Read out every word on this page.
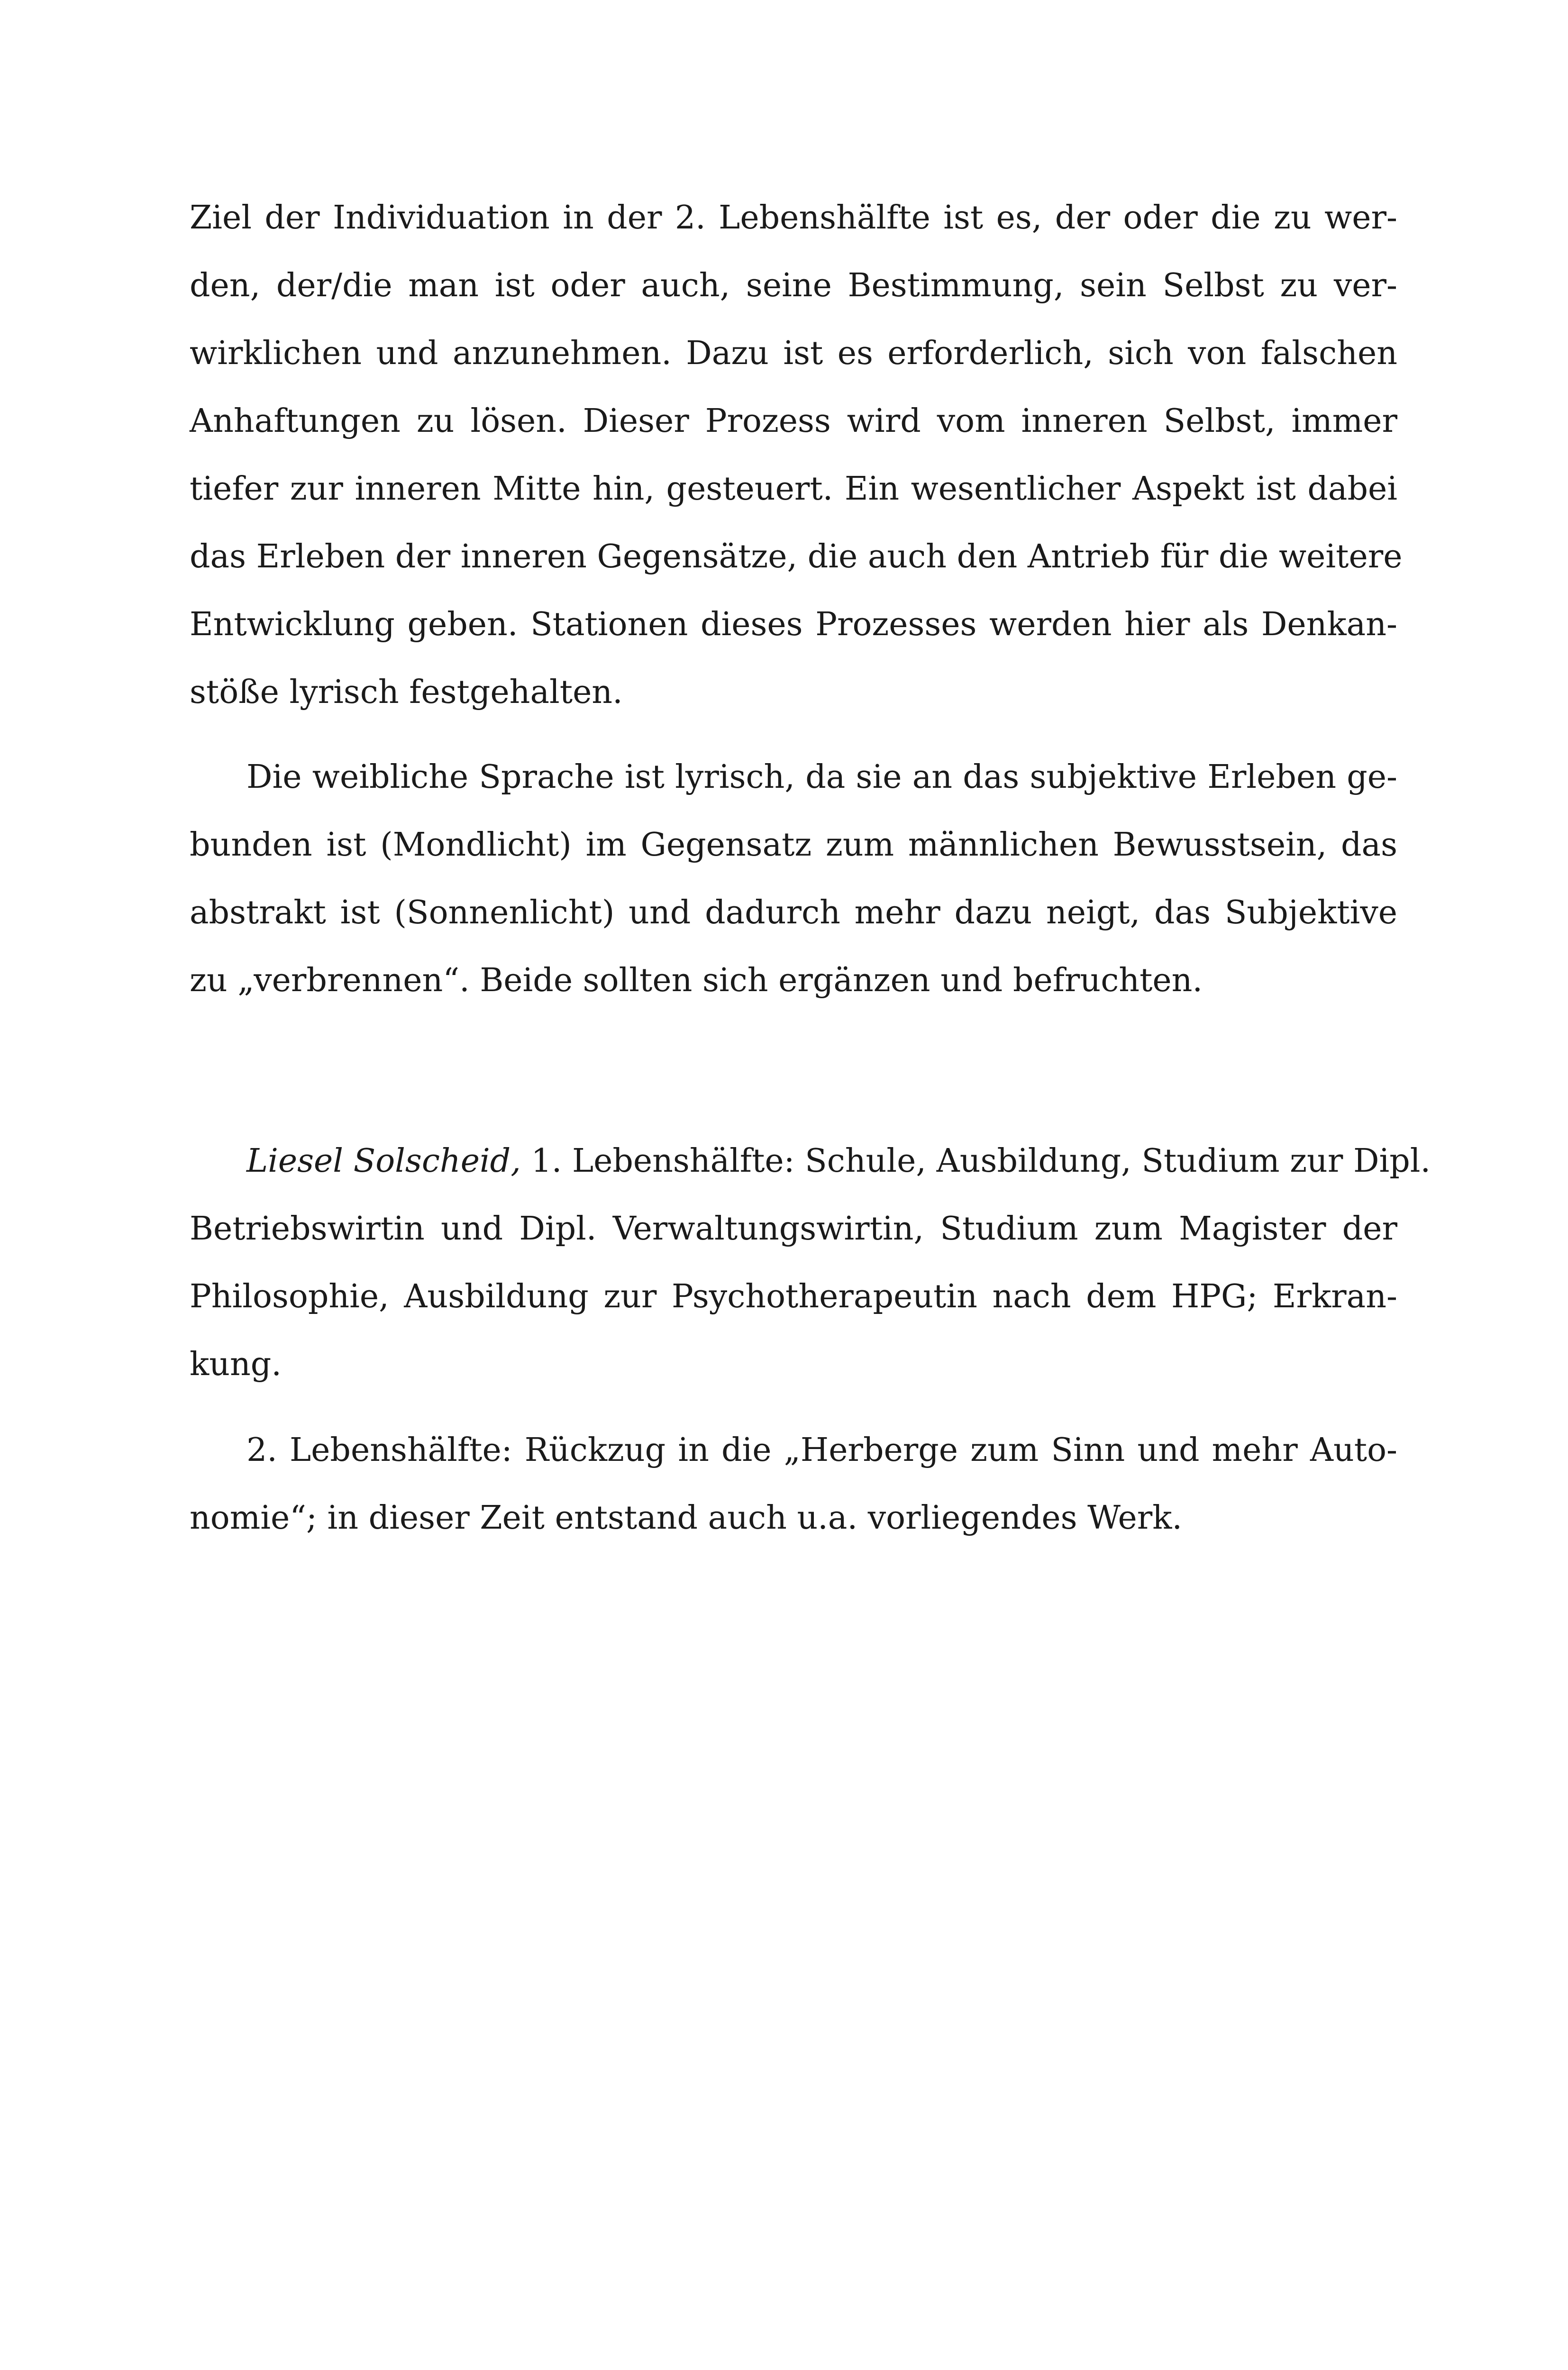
Ziel der Individuation in der 2. Lebenshälfte ist es, der oder die zu wer-
den, der/die man ist oder auch, seine Bestimmung, sein Selbst zu ver-
wirklichen und anzunehmen. Dazu ist es erforderlich, sich von falschen
Anhaftungen zu lösen. Dieser Prozess wird vom inneren Selbst, immer
tiefer zur inneren Mitte hin, gesteuert. Ein wesentlicher Aspekt ist dabei
das Erleben der inneren Gegensätze, die auch den Antrieb für die weitere
Entwicklung geben. Stationen dieses Prozesses werden hier als Denkan-
stöße lyrisch festgehalten.
Die weibliche Sprache ist lyrisch, da sie an das subjektive Erleben ge-
bunden ist (Mondlicht) im Gegensatz zum männlichen Bewusstsein, das
abstrakt ist (Sonnenlicht) und dadurch mehr dazu neigt, das Subjektive
zu „verbrennen“. Beide sollten sich ergänzen und befruchten.
Liesel Solscheid, 1. Lebenshälfte: Schule, Ausbildung, Studium zur Dipl.
Betriebswirtin und Dipl. Verwaltungswirtin, Studium zum Magister der
Philosophie, Ausbildung zur Psychotherapeutin nach dem HPG; Erkran-
kung.
2. Lebenshälfte: Rückzug in die „Herberge zum Sinn und mehr Auto-
nomie“; in dieser Zeit entstand auch u.a. vorliegendes Werk.
